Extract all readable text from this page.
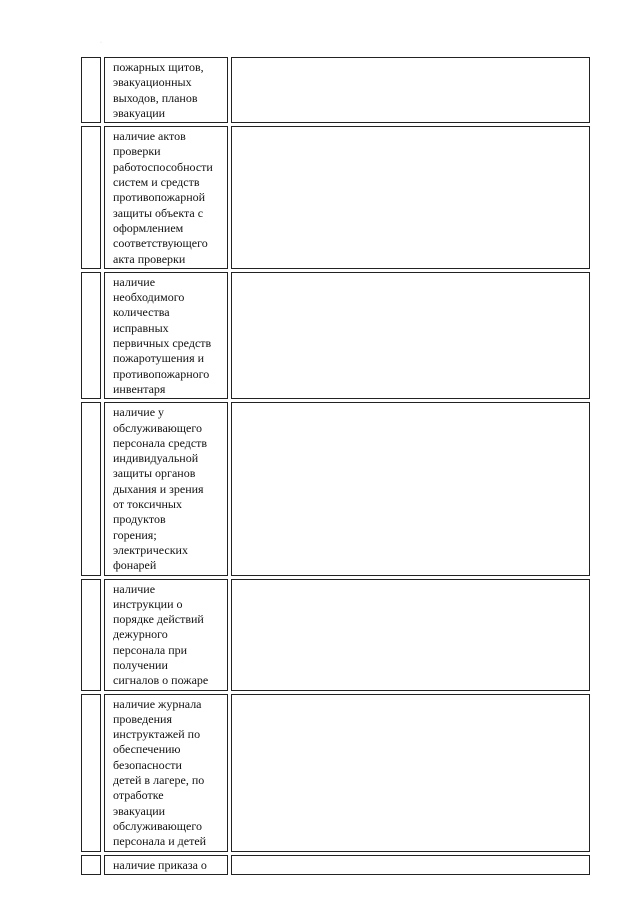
·
пожарных щитов,
эвакуационных
выходов, планов
эвакуации
наличие актов
проверки
работоспособности
систем и средств
противопожарной
защиты объекта с
оформлением
соответствующего
акта проверки
наличие
необходимого
количества
исправных
первичных средств
пожаротушения и
противопожарного
инвентаря
наличие у
обслуживающего
персонала средств
индивидуальной
защиты органов
дыхания и зрения
от токсичных
продуктов
горения;
электрических
фонарей
наличие
инструкции о
порядке действий
дежурного
персонала при
получении
сигналов о пожаре
наличие журнала
проведения
инструктажей по
обеспечению
безопасности
детей в лагере, по
отработке
эвакуации
обслуживающего
персонала и детей
наличие приказа о
